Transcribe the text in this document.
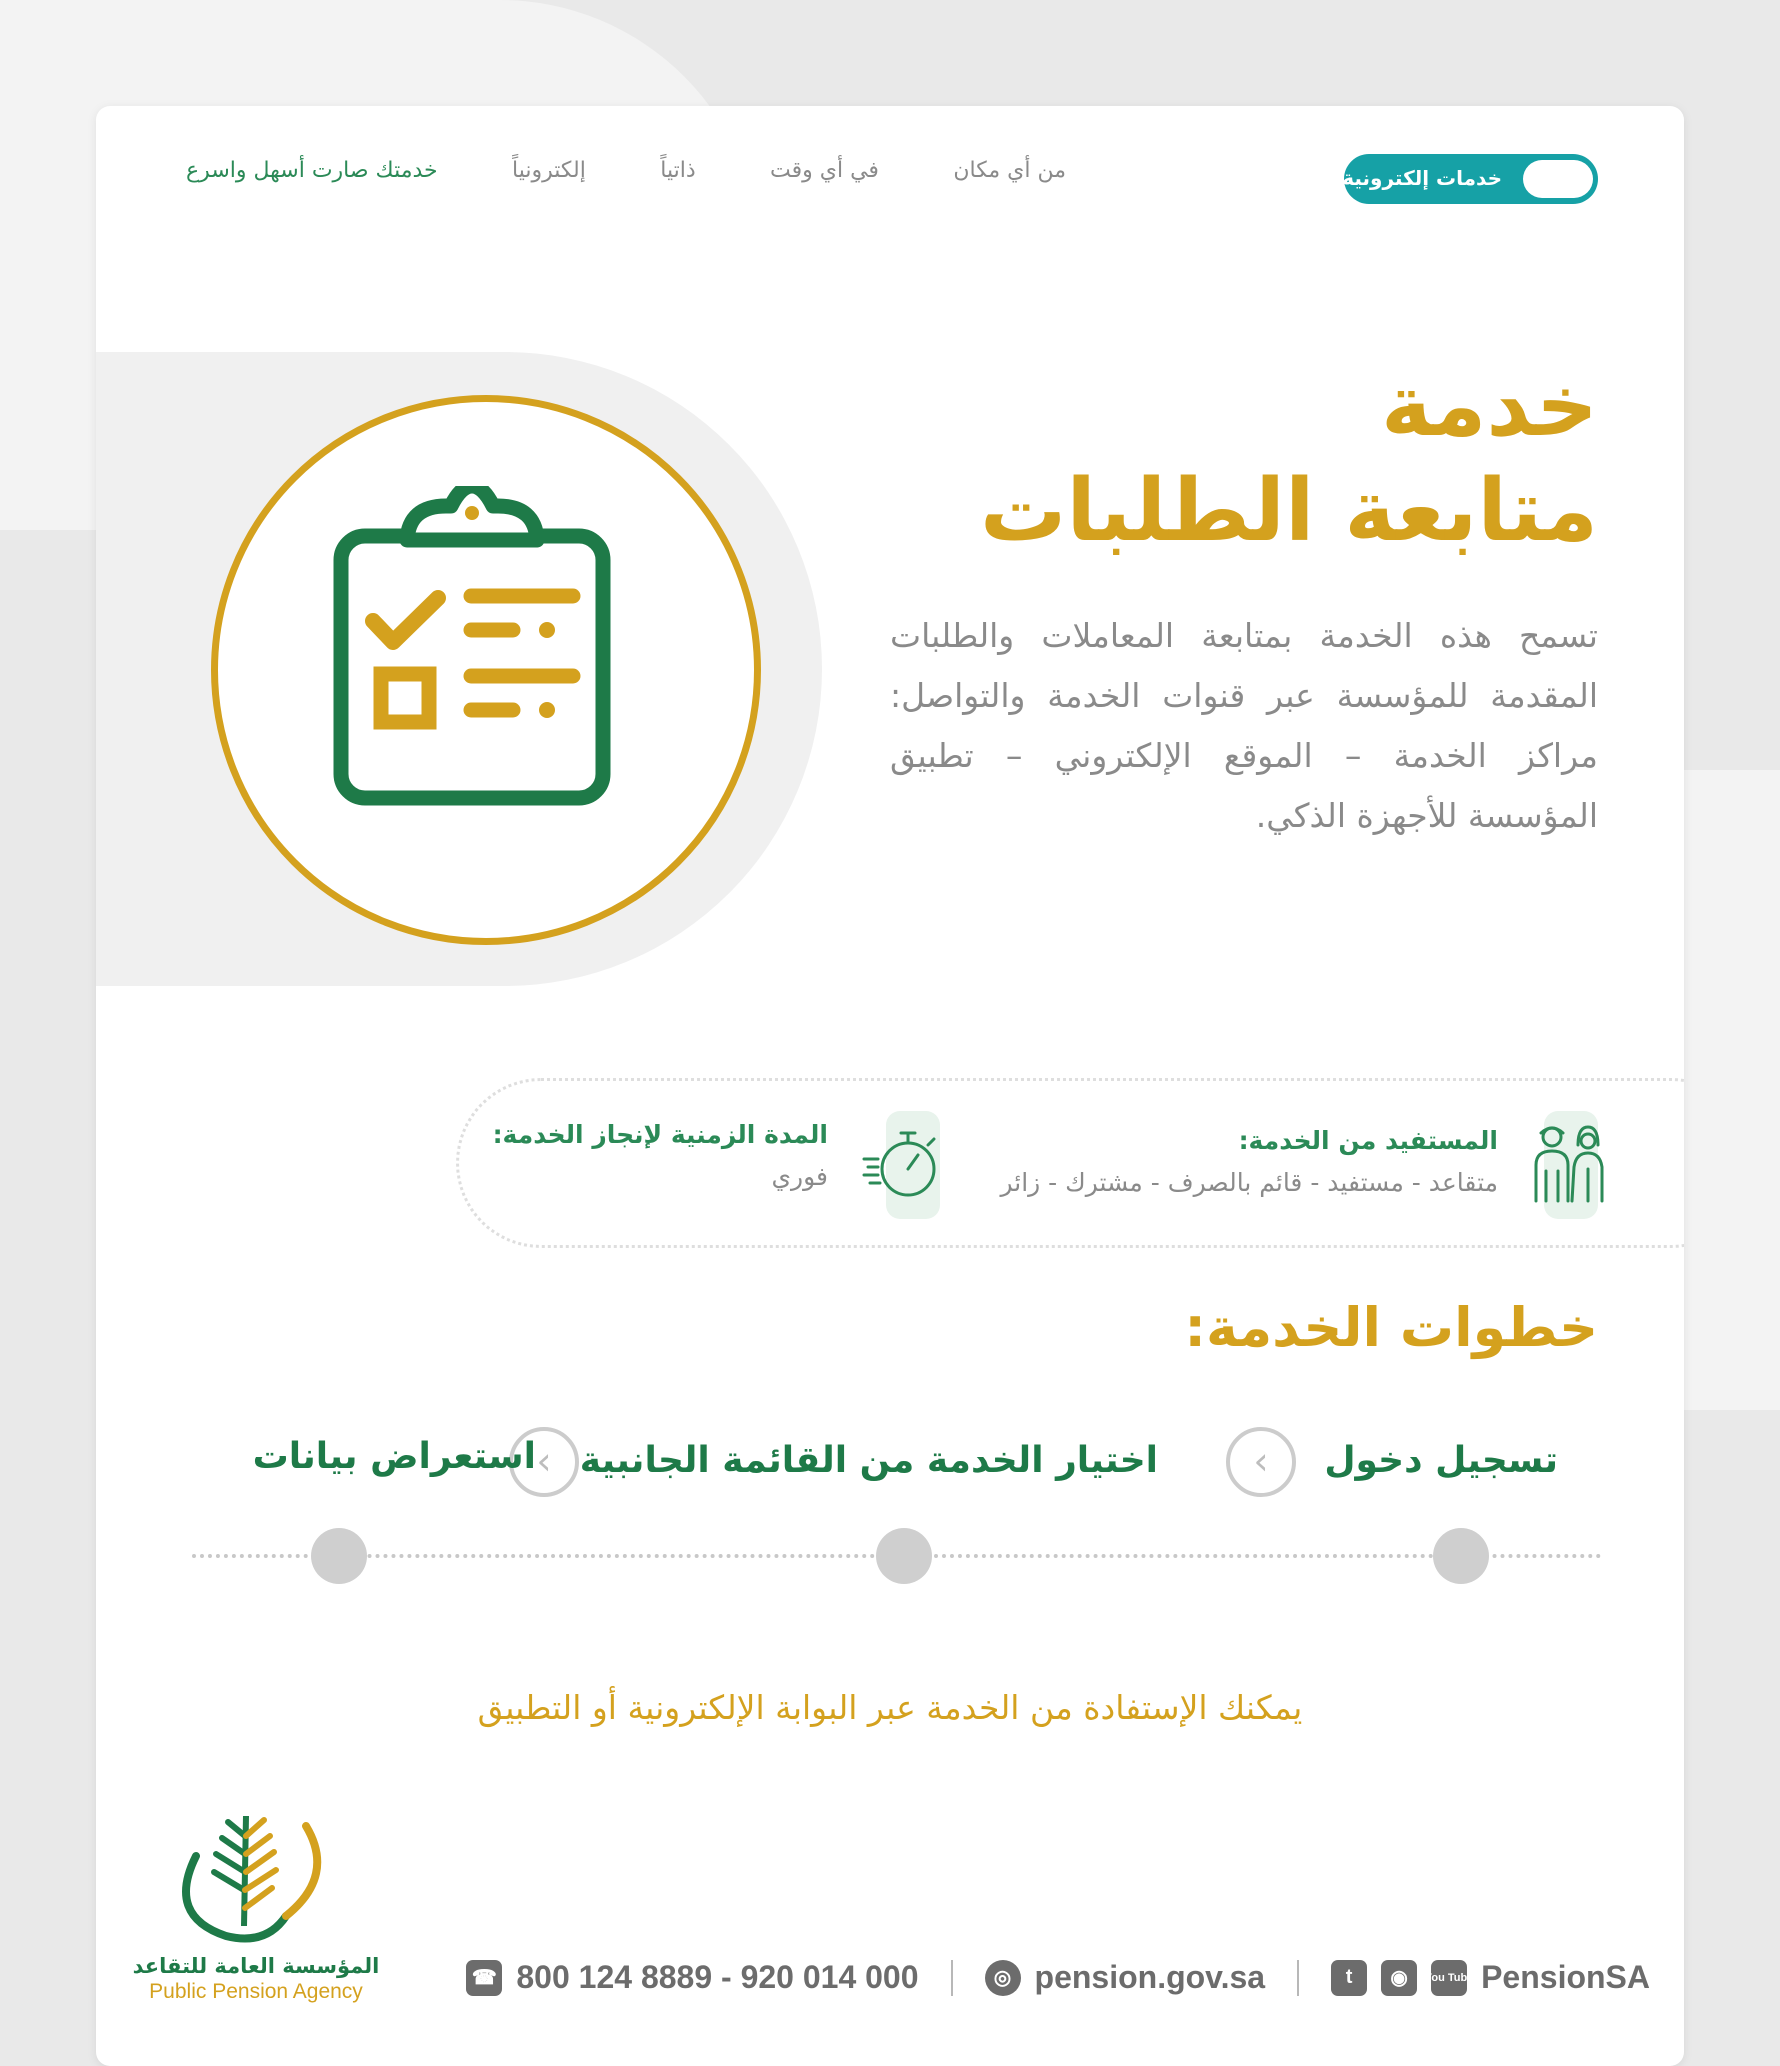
خدمتك صارت أسهل واسرع	إلكترونياً	ذاتياً	في أي وقت	من أي مكان	خدمات إلكترونية
خدمة
متابعة الطلبات
تسمح هذه الخدمة بمتابعة المعاملات والطلبات المقدمة للمؤسسة عبر قنوات الخدمة والتواصل: مراكز الخدمة – الموقع الإلكتروني – تطبيق المؤسسة للأجهزة الذكي.
المستفيد من الخدمة:
متقاعد - مستفيد - قائم بالصرف - مشترك - زائر
المدة الزمنية لإنجاز الخدمة:
فوري
خطوات الخدمة:
تسجيل دخول
‹
اختيار الخدمة من القائمة الجانبية
‹
استعراض بيانات
يمكنك الإستفادة من الخدمة عبر البوابة الإلكترونية أو التطبيق
المؤسسة العامة للتقاعد
Public Pension Agency
☎ 800 124 8889 - 920 014 000	◎ pension.gov.sa	t	◉	You Tube PensionSA
